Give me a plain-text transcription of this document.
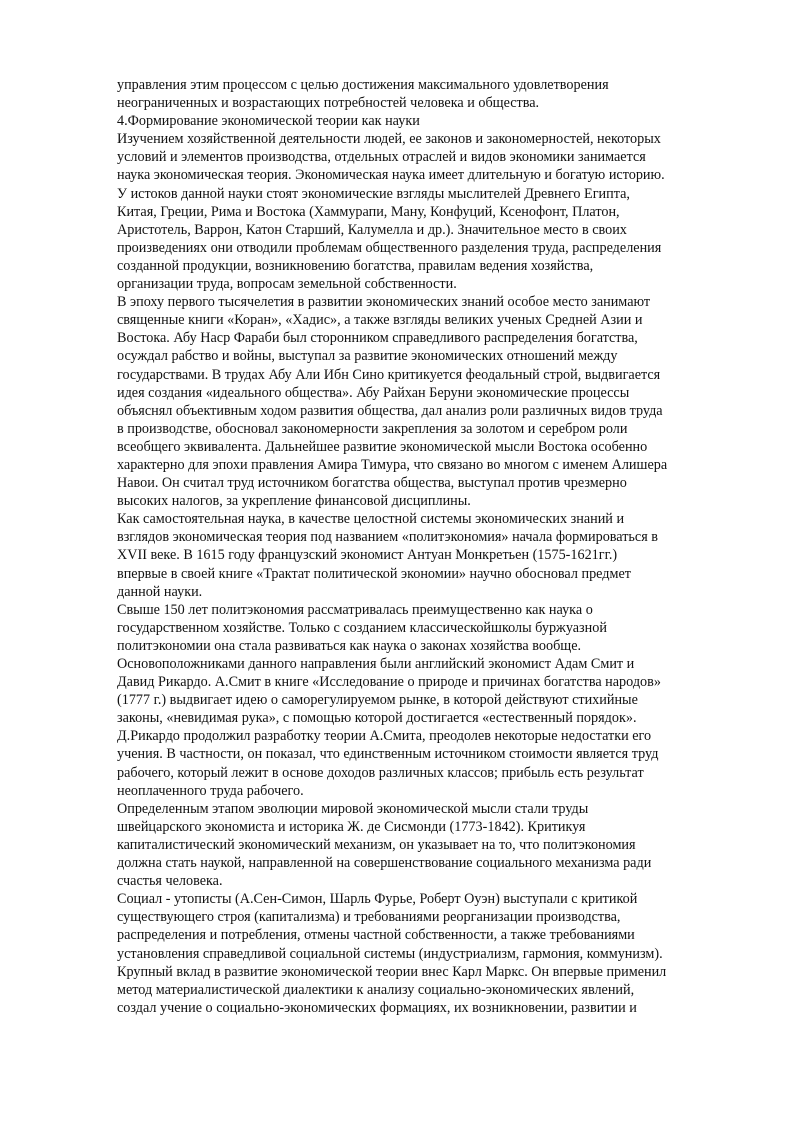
управления этим процессом с целью достижения максимального удовлетворения

неограниченных и возрастающих потребностей человека и общества.

4.Формирование экономической теории как науки

Изучением хозяйственной деятельности людей, ее законов и закономерностей, некоторых

условий и элементов производства, отдельных отраслей и видов экономики занимается

наука экономическая теория. Экономическая наука имеет длительную и богатую историю.

У истоков данной науки стоят экономические взгляды мыслителей Древнего Египта,

Китая, Греции, Рима и Востока (Хаммурапи, Ману, Конфуций, Ксенофонт, Платон,

Аристотель, Варрон, Катон Старший, Калумелла и др.). Значительное место в своих

произведениях они отводили проблемам общественного разделения труда, распределения

созданной продукции, возникновению богатства, правилам ведения хозяйства,

организации труда, вопросам земельной собственности.

В эпоху первого тысячелетия в развитии экономических знаний особое место занимают

священные книги «Коран», «Хадис», а также взгляды великих ученых Средней Азии и

Востока. Абу Наср Фараби был сторонником справедливого распределения богатства,

осуждал рабство и войны, выступал за развитие экономических отношений между

государствами. В трудах Абу Али Ибн Сино критикуется феодальный строй, выдвигается

идея создания «идеального общества». Абу Райхан Беруни экономические процессы

объяснял объективным ходом развития общества, дал анализ роли различных видов труда

в производстве, обосновал закономерности закрепления за золотом и серебром роли

всеобщего эквивалента. Дальнейшее развитие экономической мысли Востока особенно

характерно для эпохи правления Амира Тимура, что связано во многом с именем Алишера

Навои. Он считал труд источником богатства общества, выступал против чрезмерно

высоких налогов, за укрепление финансовой дисциплины.

Как самостоятельная наука, в качестве целостной системы экономических знаний и

взглядов экономическая теория под названием «политэкономия» начала формироваться в

XVII веке. В 1615 году французский экономист Антуан Монкретьен (1575-1621гг.)

впервые в своей книге «Трактат политической экономии» научно обосновал предмет

данной науки.

Свыше 150 лет политэкономия рассматривалась преимущественно как наука о

государственном хозяйстве. Только с созданием классическойшколы буржуазной

политэкономии она стала развиваться как наука о законах хозяйства вообще.

Основоположниками данного направления были английский экономист Адам Смит и

Давид Рикардо. А.Смит в книге «Исследование о природе и причинах богатства народов»

(1777 г.) выдвигает идею о саморегулируемом рынке, в которой действуют стихийные

законы, «невидимая рука», с помощью которой достигается «естественный порядок».

Д.Рикардо продолжил разработку теории А.Смита, преодолев некоторые недостатки его

учения. В частности, он показал, что единственным источником стоимости является труд

рабочего, который лежит в основе доходов различных классов; прибыль есть результат

неоплаченного труда рабочего.

Определенным этапом эволюции мировой экономической мысли стали труды

швейцарского экономиста и историка Ж. де Сисмонди (1773-1842). Критикуя

капиталистический экономический механизм, он указывает на то, что политэкономия

должна стать наукой, направленной на совершенствование социального механизма ради

счастья человека.

Социал - утописты (А.Сен-Симон, Шарль Фурье, Роберт Оуэн) выступали с критикой

существующего строя (капитализма) и требованиями реорганизации производства,

распределения и потребления, отмены частной собственности, а также требованиями

установления справедливой социальной системы (индустриализм, гармония, коммунизм).

Крупный вклад в развитие экономической теории внес Карл Маркс. Он впервые применил

метод материалистической диалектики к анализу социально-экономических явлений,

создал учение о социально-экономических формациях, их возникновении, развитии и
